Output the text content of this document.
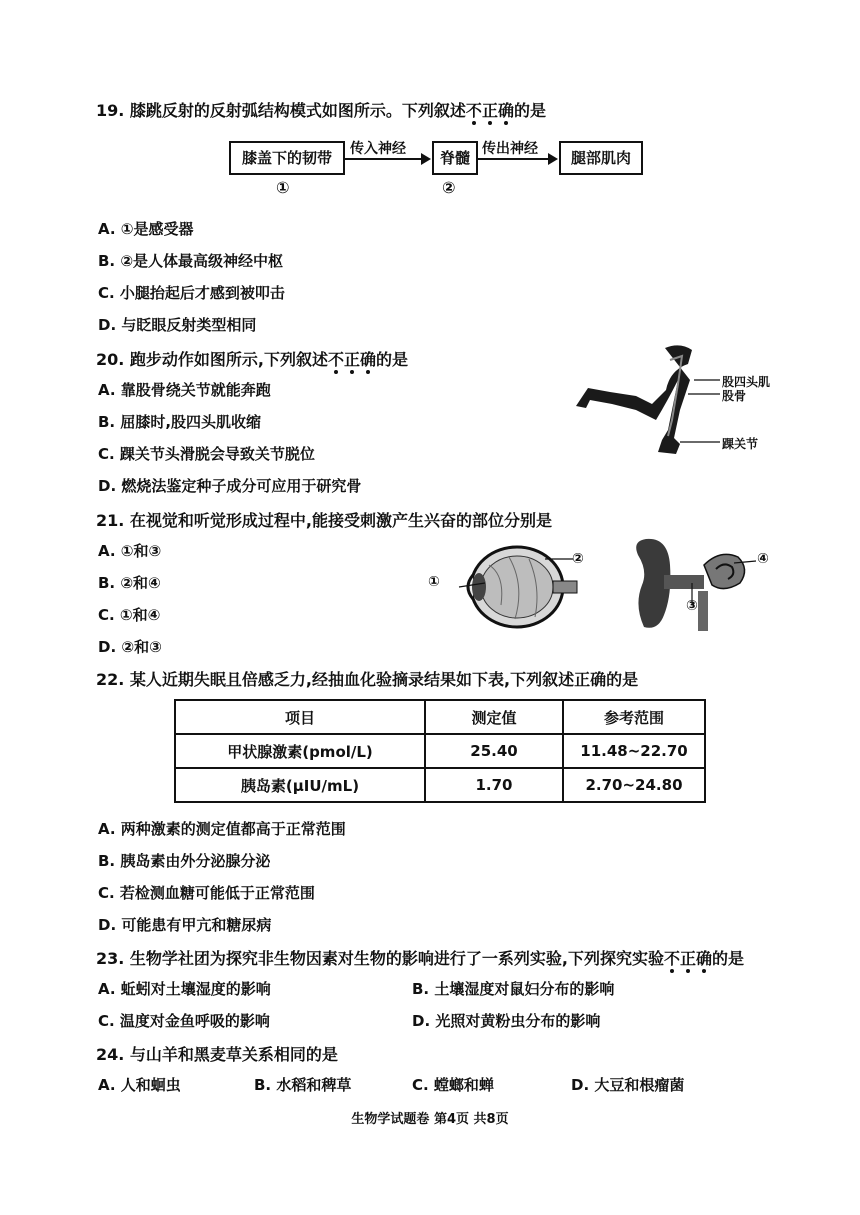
19. 膝跳反射的反射弧结构模式如图所示。下列叙述不正确的是
膝盖下的韧带	传入神经	脊髓 传出神经	腿部肌肉
①	②
A. ①是感受器
B. ②是人体最高级神经中枢
C. 小腿抬起后才感到被叩击
D. 与眨眼反射类型相同
20. 跑步动作如图所示,下列叙述不正确的是
A. 靠股骨绕关节就能奔跑
B. 屈膝时,股四头肌收缩
C. 踝关节头滑脱会导致关节脱位
D. 燃烧法鉴定种子成分可应用于研究骨
股四头肌
股骨
踝关节
21. 在视觉和听觉形成过程中,能接受刺激产生兴奋的部位分别是
A. ①和③
B. ②和④
C. ①和④
D. ②和③
①
②	④
③
22. 某人近期失眠且倍感乏力,经抽血化验摘录结果如下表,下列叙述正确的是
项目	测定值	参考范围
甲状腺激素(pmol/L)	25.40	11.48~22.70
胰岛素(μIU/mL)	1.70	2.70~24.80
A. 两种激素的测定值都高于正常范围
B. 胰岛素由外分泌腺分泌
C. 若检测血糖可能低于正常范围
D. 可能患有甲亢和糖尿病
23. 生物学社团为探究非生物因素对生物的影响进行了一系列实验,下列探究实验不正确的是
A. 蚯蚓对土壤湿度的影响	B. 土壤湿度对鼠妇分布的影响
C. 温度对金鱼呼吸的影响	D. 光照对黄粉虫分布的影响
24. 与山羊和黑麦草关系相同的是
A. 人和蛔虫	B. 水稻和稗草	C. 螳螂和蝉	D. 大豆和根瘤菌
生物学试题卷 第4页 共8页
